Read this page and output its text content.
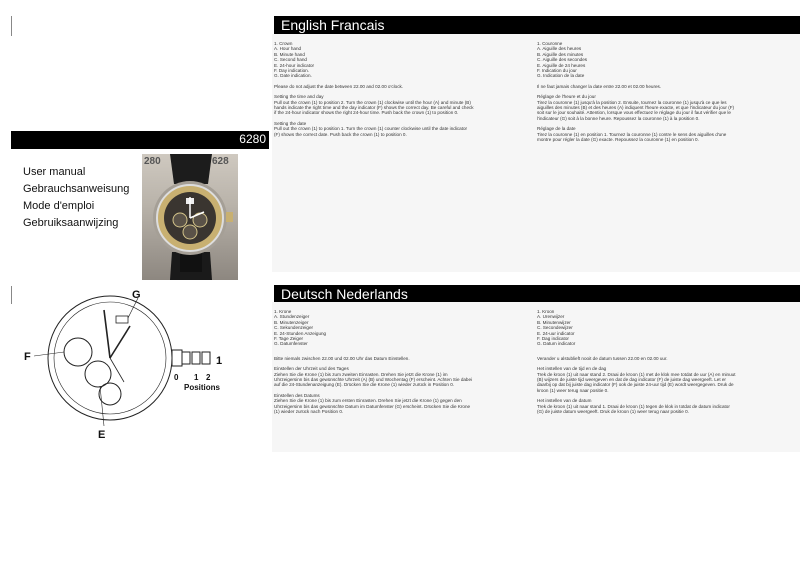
English Francais
1. Crown
A. Hour hand
B. Minute hand
C. Second hand
E. 24-hour indicator
F. Day indication.
G. Date indication.
Please do not adjust the date between 22.00 and 02.00 o'clock.
Setting the time and day
Pull out the crown (1) to position 2. Turn the crown (1) clockwise until the hour (A) and minute (B) hands indicate the right time and the day indicator (F) shows the correct day. Be careful and check if the 24-hour indicator shows the right 24-hour time. Push back the crown (1) to position 0.
Setting the date
Pull out the crown (1) to position 1. Turn the crown (1) counter clockwise until the date indicator (F) shows the correct date. Push back the crown (1) to position 0.
1. Couronne
A. Aiguille des heures
B. Aiguille des minutes
C. Aiguille des secondes
E. Aiguille de 24 heures
F. Indication du jour
G. Indication de la date
Il ne faut jamais changer la date entre 22.00 et 02.00 heures.
Réglage de l'heure et du jour
Tirez la couronne (1) jusqu'à la position 2. Ensuite, tournez la couronne (1) jusqu'à ce que les aiguilles des minutes (B) et des heures (A) indiquent l'heure exacte, et que l'indicateur du jour (F) soit sur le jour souhaité. Attention, lorsque vous effectuez le réglage du jour il faut vérifier que le l'indicateur (G) soit à la bonne heure. Repoussez la couronne (1) à la position 0.
Réglage de la date
Tirez la couronne (1) en position 1. Tournez la couronne (1) contre le sens des aiguilles d'une montre pour régler la date (G) exacte. Repoussez la couronne (1) en position 0.
6280
User manual
Gebrauchsanweisung
Mode d'emploi
Gebruiksaanwijzing
280	628
Deutsch Nederlands
1. Krone
A. Stundenzeiger
B. Minutenzeiger
C. Sekundenzeiger
E. 24-Stunden Anzeigung
F. Tage Zeiger
G. Datumfenster
Bitte niemals zwischen 22.00 und 02.00 Uhr das Datum Einstellen.
Einstellen der Uhrzeit und des Tages
Ziehen Sie die Krone (1) bis zum zweiten Einrasten. Drehen Sie jetzt die Krone (1) im Uhrzeigersinn bis das gewünschte Uhrzeit (A) (B) und Wochentag (F) erscheint. Achten Sie dabei auf die 24-Stundenanzeigung (E). Drücken Sie die Krone (1) wieder zurück in Position 0.
Einstellen des Datums
Ziehen Sie die Krone (1) bis zum ersten Einrasten. Drehen Sie jetzt die Krone (1) gegen den Uhrzeigersinn bis das gewünschte Datum im Datumfenster (G) erscheint. Drücken Sie die Krone (1) wieder zurück nach Position 0.
1. Kroon
A. Urenwijzer
B. Minutenwijzer
C. Secondewijzer
E. 24-uur indicator
F. Dag indicator
G. Datum indicator
Verander u alstublieft nooit de datum tussen 22.00 en 02.00 uur.
Het instellen van de tijd en de dag
Trek de kroon (1) uit naar stand 2. Draai de kroon (1) met de klok mee totdat de uur (A) en minuut (B) wijzers de juiste tijd weergeven en dat de dag indicator (F) de juiste dag weergeeft. Let er daarbij op dat bij juiste dag indicator (F) ook de juiste 24-uur tijd (E) wordt weergegeven. Druk de kroon (1) weer terug naar positie 0.
Het instellen van de datum
Trek de kroon (1) uit naar stand 1. Draai de kroon (1) tegen de klok in totdat de datum indicator (G) de juiste datum weergeeft. Druk de kroon (1) weer terug naar positie 0.
G
F
E
1
0 1 2
Positions
